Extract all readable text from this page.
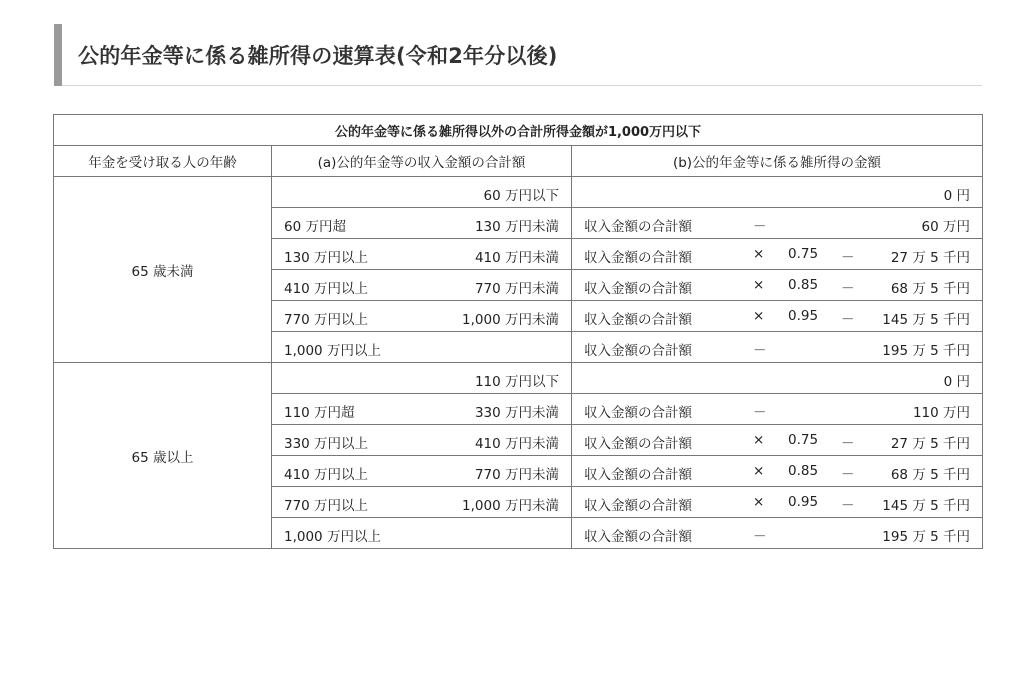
公的年金等に係る雑所得の速算表(令和2年分以後)
公的年金等に係る雑所得以外の合計所得金額が1,000万円以下		
年金を受け取る人の年齢	(a)公的年金等の収入金額の合計額	(b)公的年金等に係る雑所得の金額
65 歳未満	60 万円以下	0 円

	60 万円超 130 万円未満	収入金額の合計額 － 60 万円

	130 万円以上 410 万円未満	収入金額の合計額 × 0.75 － 27 万 5 千円

	410 万円以上 770 万円未満	収入金額の合計額 × 0.85 － 68 万 5 千円

	770 万円以上 1,000 万円未満	収入金額の合計額 × 0.95 － 145 万 5 千円

	1,000 万円以上	収入金額の合計額 － 195 万 5 千円

65 歳以上	110 万円以下	0 円

	110 万円超 330 万円未満	収入金額の合計額 － 110 万円

	330 万円以上 410 万円未満	収入金額の合計額 × 0.75 － 27 万 5 千円

	410 万円以上 770 万円未満	収入金額の合計額 × 0.85 － 68 万 5 千円

	770 万円以上 1,000 万円未満	収入金額の合計額 × 0.95 － 145 万 5 千円

	1,000 万円以上	収入金額の合計額 － 195 万 5 千円
